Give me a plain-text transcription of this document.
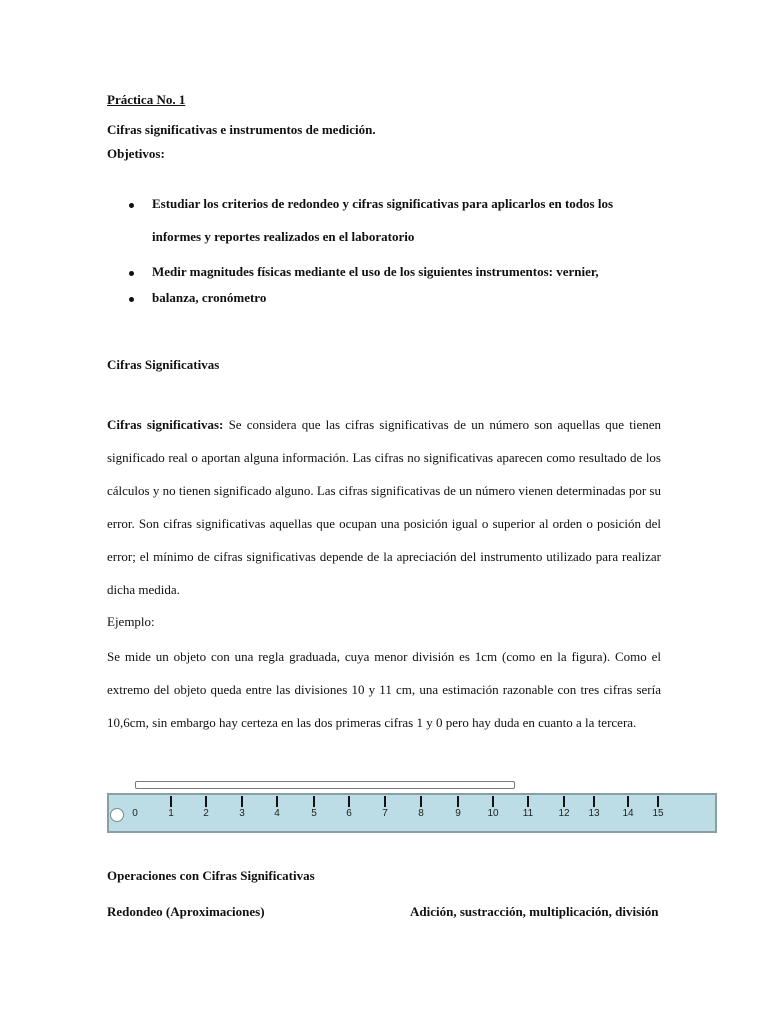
Práctica No. 1
Cifras significativas e instrumentos de medición.
Objetivos:
Estudiar los criterios de redondeo y cifras significativas para aplicarlos en todos los
informes y reportes realizados en el laboratorio
Medir magnitudes físicas mediante el uso de los siguientes instrumentos: vernier,
balanza, cronómetro
Cifras Significativas
Cifras significativas: Se considera que las cifras significativas de un número son aquellas que tienen significado real o aportan alguna información. Las cifras no significativas aparecen como resultado de los cálculos y no tienen significado alguno. Las cifras significativas de un número vienen determinadas por su error. Son cifras significativas aquellas que ocupan una posición igual o superior al orden o posición del error; el mínimo de cifras significativas depende de la apreciación del instrumento utilizado para realizar dicha medida.
Ejemplo:
Se mide un objeto con una regla graduada, cuya menor división es 1cm (como en la figura). Como el extremo del objeto queda entre las divisiones 10 y 11 cm, una estimación razonable con tres cifras sería 10,6cm, sin embargo hay certeza en las dos primeras cifras 1 y 0 pero hay duda en cuanto a la tercera.
0	1	2	3	4	5	6	7	8	9	10 11	12 13 14 15
Operaciones con Cifras Significativas
Redondeo (Aproximaciones)	Adición, sustracción, multiplicación, división
